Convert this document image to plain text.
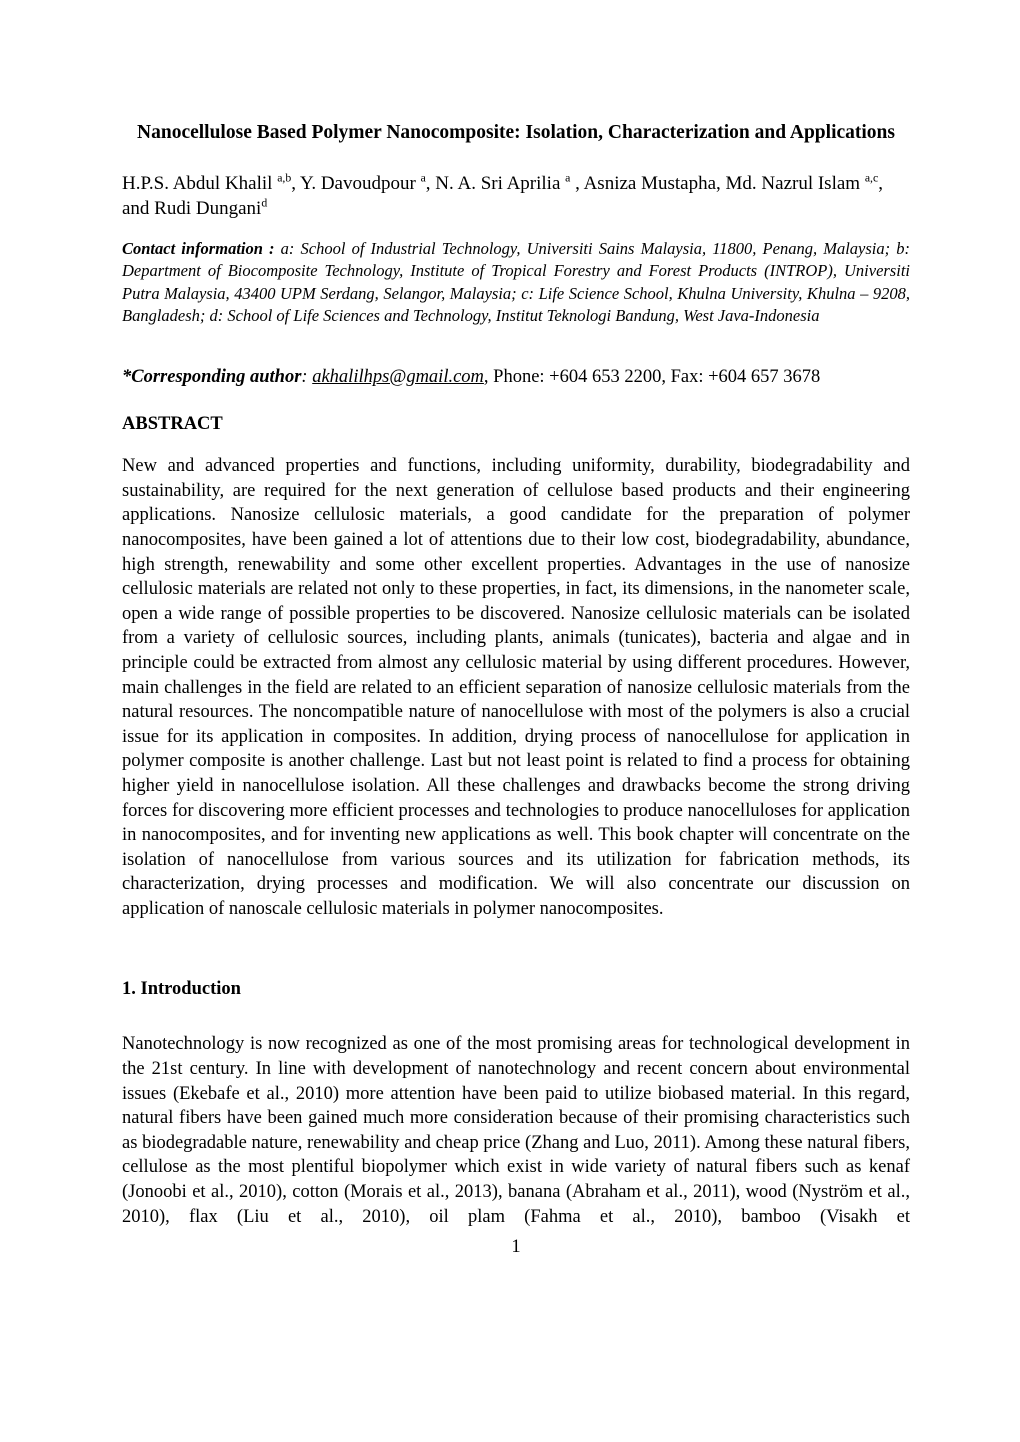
Nanocellulose Based Polymer Nanocomposite: Isolation, Characterization and Applications

H.P.S. Abdul Khalil $^{a,b}$, Y. Davoudpour $^a$, N. A. Sri Aprilia $^a$ , Asniza Mustapha, Md. Nazrul Islam $^{a,c}$, and Rudi Dungani$^d$

Contact information : a: School of Industrial Technology, Universiti Sains Malaysia, 11800, Penang, Malaysia; b: Department of Biocomposite Technology, Institute of Tropical Forestry and Forest Products (INTROP), Universiti Putra Malaysia, 43400 UPM Serdang, Selangor, Malaysia; c: Life Science School, Khulna University, Khulna – 9208, Bangladesh; d: School of Life Sciences and Technology, Institut Teknologi Bandung, West Java-Indonesia

*Corresponding author: akhalilhps@gmail.com, Phone: +604 653 2200, Fax: +604 657 3678

ABSTRACT

New and advanced properties and functions, including uniformity, durability, biodegradability and sustainability, are required for the next generation of cellulose based products and their engineering applications. Nanosize cellulosic materials, a good candidate for the preparation of polymer nanocomposites, have been gained a lot of attentions due to their low cost, biodegradability, abundance, high strength, renewability and some other excellent properties. Advantages in the use of nanosize cellulosic materials are related not only to these properties, in fact, its dimensions, in the nanometer scale, open a wide range of possible properties to be discovered. Nanosize cellulosic materials can be isolated from a variety of cellulosic sources, including plants, animals (tunicates), bacteria and algae and in principle could be extracted from almost any cellulosic material by using different procedures. However, main challenges in the field are related to an efficient separation of nanosize cellulosic materials from the natural resources. The noncompatible nature of nanocellulose with most of the polymers is also a crucial issue for its application in composites. In addition, drying process of nanocellulose for application in polymer composite is another challenge. Last but not least point is related to find a process for obtaining higher yield in nanocellulose isolation. All these challenges and drawbacks become the strong driving forces for discovering more efficient processes and technologies to produce nanocelluloses for application in nanocomposites, and for inventing new applications as well. This book chapter will concentrate on the isolation of nanocellulose from various sources and its utilization for fabrication methods, its characterization, drying processes and modification. We will also concentrate our discussion on application of nanoscale cellulosic materials in polymer nanocomposites.

1. Introduction

Nanotechnology is now recognized as one of the most promising areas for technological development in the 21st century. In line with development of nanotechnology and recent concern about environmental issues (Ekebafe et al., 2010) more attention have been paid to utilize biobased material. In this regard, natural fibers have been gained much more consideration because of their promising characteristics such as biodegradable nature, renewability and cheap price (Zhang and Luo, 2011). Among these natural fibers, cellulose as the most plentiful biopolymer which exist in wide variety of natural fibers such as kenaf (Jonoobi et al., 2010), cotton (Morais et al., 2013), banana (Abraham et al., 2011), wood (Nyström et al., 2010), flax (Liu et al., 2010), oil plam (Fahma et al., 2010), bamboo (Visakh et

1
